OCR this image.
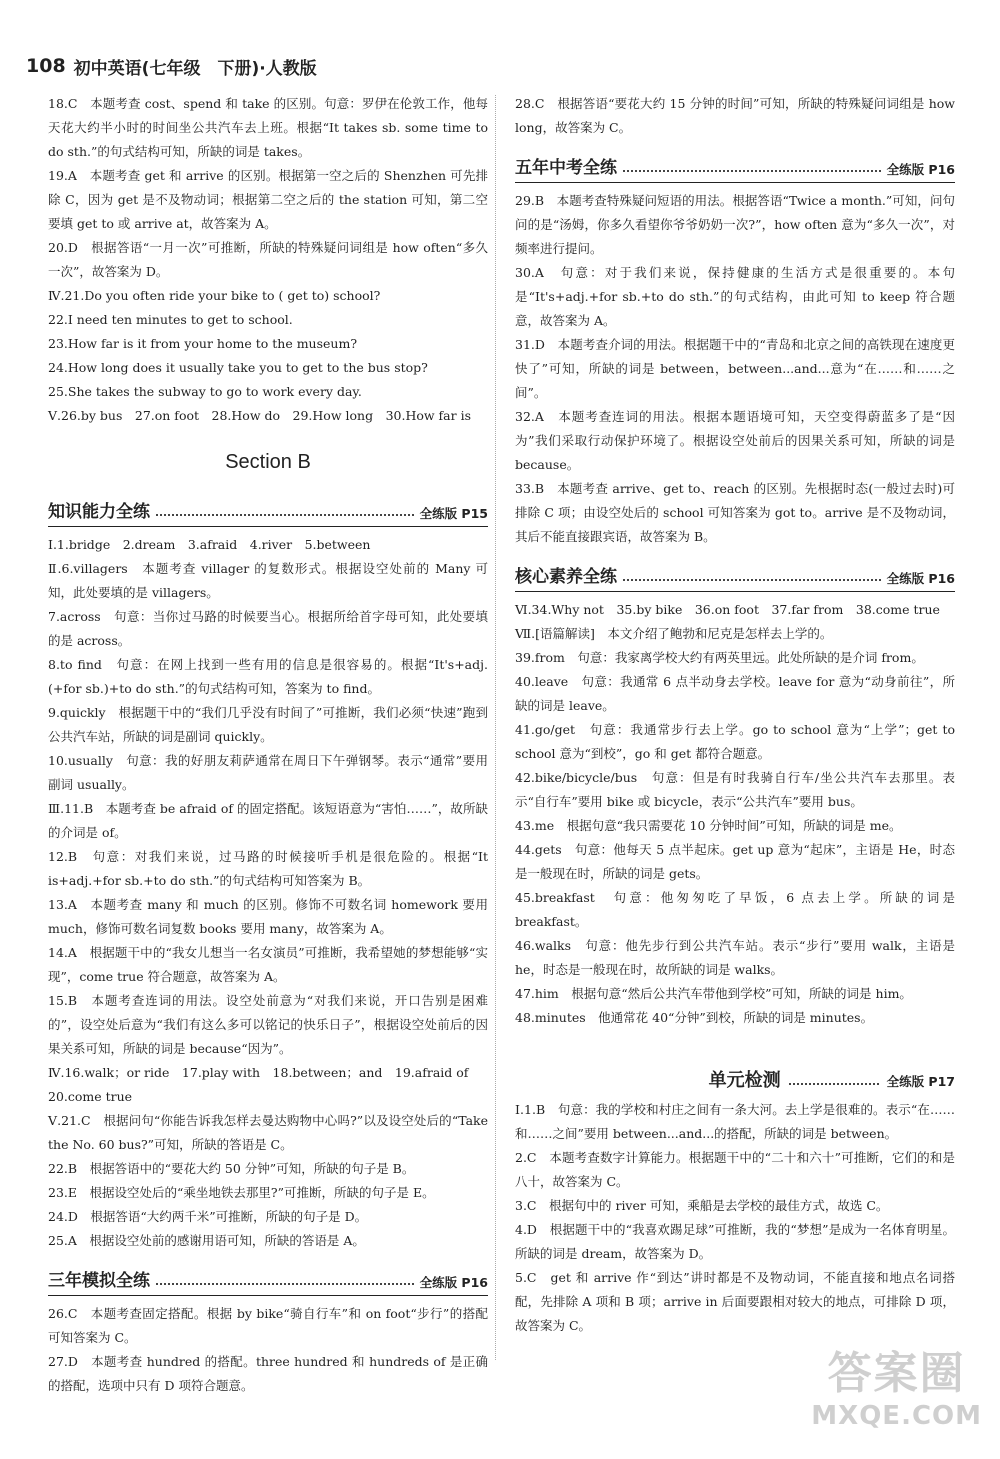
108 初中英语(七年级　下册)·人教版

18.C　本题考查 cost、spend 和 take 的区别。句意：罗伊在伦敦工作，他每天花大约半小时的时间坐公共汽车去上班。根据“It takes sb. some time to do sth.”的句式结构可知，所缺的词是 takes。

19.A　本题考查 get 和 arrive 的区别。根据第一空之后的 Shenzhen 可先排除 C，因为 get 是不及物动词；根据第二空之后的 the station 可知，第二空要填 get to 或 arrive at，故答案为 A。

20.D　根据答语“一月一次”可推断，所缺的特殊疑问词组是 how often“多久一次”，故答案为 D。

Ⅳ.21.Do you often ride your bike to ( get to) school?

22.I need ten minutes to get to school.

23.How far is it from your home to the museum?

24.How long does it usually take you to get to the bus stop?

25.She takes the subway to go to work every day.

Ⅴ.26.by bus　27.on foot　28.How do　29.How long　30.How far is

Section B
知识能力全练	全练版 P15

Ⅰ.1.bridge　2.dream　3.afraid　4.river　5.between

Ⅱ.6.villagers　本题考查 villager 的复数形式。根据设空处前的 Many 可知，此处要填的是 villagers。

7.across　句意：当你过马路的时候要当心。根据所给首字母可知，此处要填的是 across。

8.to find　句意：在网上找到一些有用的信息是很容易的。根据“It's+adj.(+for sb.)+to do sth.”的句式结构可知，答案为 to find。

9.quickly　根据题干中的“我们几乎没有时间了”可推断，我们必须“快速”跑到公共汽车站，所缺的词是副词 quickly。

10.usually　句意：我的好朋友莉萨通常在周日下午弹钢琴。表示“通常”要用副词 usually。

Ⅲ.11.B　本题考查 be afraid of 的固定搭配。该短语意为“害怕……”，故所缺的介词是 of。

12.B　句意：对我们来说，过马路的时候接听手机是很危险的。根据“It is+adj.+for sb.+to do sth.”的句式结构可知答案为 B。

13.A　本题考查 many 和 much 的区别。修饰不可数名词 homework 要用 much，修饰可数名词复数 books 要用 many，故答案为 A。

14.A　根据题干中的“我女儿想当一名女演员”可推断，我希望她的梦想能够“实现”，come true 符合题意，故答案为 A。

15.B　本题考查连词的用法。设空处前意为“对我们来说，开口告别是困难的”，设空处后意为“我们有这么多可以铭记的快乐日子”，根据设空处前后的因果关系可知，所缺的词是 because“因为”。

Ⅳ.16.walk；or ride　17.play with　18.between；and　19.afraid of

20.come true

Ⅴ.21.C　根据问句“你能告诉我怎样去曼达购物中心吗?”以及设空处后的“Take the No. 60 bus?”可知，所缺的答语是 C。

22.B　根据答语中的“要花大约 50 分钟”可知，所缺的句子是 B。

23.E　根据设空处后的“乘坐地铁去那里?”可推断，所缺的句子是 E。

24.D　根据答语“大约两千米”可推断，所缺的句子是 D。

25.A　根据设空处前的感谢用语可知，所缺的答语是 A。

三年模拟全练	全练版 P16

26.C　本题考查固定搭配。根据 by bike“骑自行车”和 on foot“步行”的搭配可知答案为 C。

27.D　本题考查 hundred 的搭配。three hundred 和 hundreds of 是正确的搭配，选项中只有 D 项符合题意。

28.C　根据答语“要花大约 15 分钟的时间”可知，所缺的特殊疑问词组是 how long，故答案为 C。

五年中考全练	全练版 P16

29.B　本题考查特殊疑问短语的用法。根据答语“Twice a month.”可知，问句问的是“汤姆，你多久看望你爷爷奶奶一次?”，how often 意为“多久一次”，对频率进行提问。

30.A　句意：对于我们来说，保持健康的生活方式是很重要的。本句是“It's+adj.+for sb.+to do sth.”的句式结构，由此可知 to keep 符合题意，故答案为 A。

31.D　本题考查介词的用法。根据题干中的“青岛和北京之间的高铁现在速度更快了”可知，所缺的词是 between，between...and...意为“在……和……之间”。

32.A　本题考查连词的用法。根据本题语境可知，天空变得蔚蓝多了是“因为”我们采取行动保护环境了。根据设空处前后的因果关系可知，所缺的词是 because。

33.B　本题考查 arrive、get to、reach 的区别。先根据时态(一般过去时)可排除 C 项；由设空处后的 school 可知答案为 got to。arrive 是不及物动词，其后不能直接跟宾语，故答案为 B。

核心素养全练	全练版 P16

Ⅵ.34.Why not　35.by bike　36.on foot　37.far from　38.come true

Ⅶ.[语篇解读]　本文介绍了鲍勃和尼克是怎样去上学的。

39.from　句意：我家离学校大约有两英里远。此处所缺的是介词 from。

40.leave　句意：我通常 6 点半动身去学校。leave for 意为“动身前往”，所缺的词是 leave。

41.go/get　句意：我通常步行去上学。go to school 意为“上学”；get to school 意为“到校”，go 和 get 都符合题意。

42.bike/bicycle/bus　句意：但是有时我骑自行车/坐公共汽车去那里。表示“自行车”要用 bike 或 bicycle，表示“公共汽车”要用 bus。

43.me　根据句意“我只需要花 10 分钟时间”可知，所缺的词是 me。

44.gets　句意：他每天 5 点半起床。get up 意为“起床”，主语是 He，时态是一般现在时，所缺的词是 gets。

45.breakfast　句意：他匆匆吃了早饭，6 点去上学。所缺的词是 breakfast。

46.walks　句意：他先步行到公共汽车站。表示“步行”要用 walk，主语是 he，时态是一般现在时，故所缺的词是 walks。

47.him　根据句意“然后公共汽车带他到学校”可知，所缺的词是 him。

48.minutes　他通常花 40“分钟”到校，所缺的词是 minutes。

单元检测	全练版 P17

Ⅰ.1.B　句意：我的学校和村庄之间有一条大河。去上学是很难的。表示“在……和……之间”要用 between...and...的搭配，所缺的词是 between。

2.C　本题考查数字计算能力。根据题干中的“二十和六十”可推断，它们的和是八十，故答案为 C。

3.C　根据句中的 river 可知，乘船是去学校的最佳方式，故选 C。

4.D　根据题干中的“我喜欢踢足球”可推断，我的“梦想”是成为一名体育明星。所缺的词是 dream，故答案为 D。

5.C　get 和 arrive 作“到达”讲时都是不及物动词，不能直接和地点名词搭配，先排除 A 项和 B 项；arrive in 后面要跟相对较大的地点，可排除 D 项，故答案为 C。

答案圈
MXQE.COM
